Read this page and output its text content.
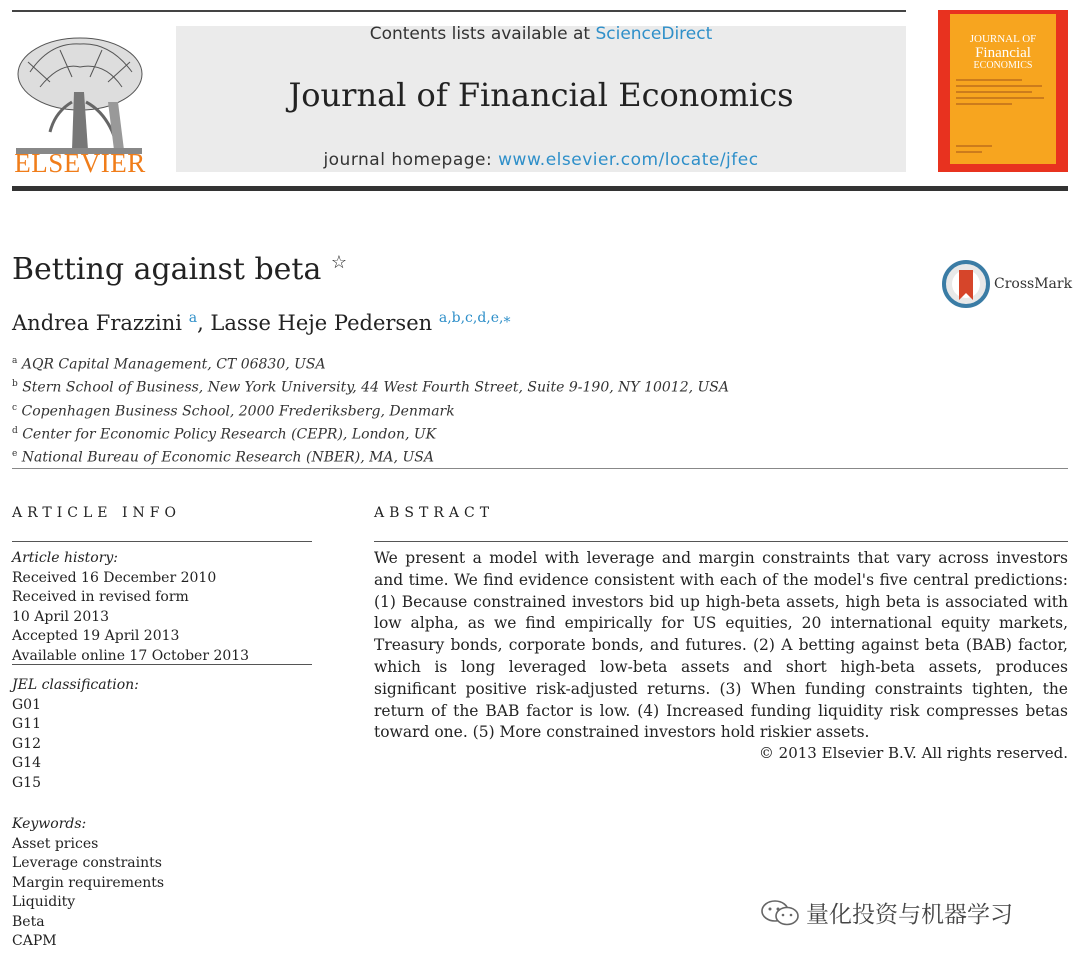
ELSEVIER
Contents lists available at ScienceDirect
Journal of Financial Economics
journal homepage: www.elsevier.com/locate/jfec
JOURNAL OF
Financial
ECONOMICS
Betting against beta ☆
CrossMark
Andrea Frazzini $^a$, Lasse Heje Pedersen $^{a,b,c,d,e,⁎}$
$^a$ AQR Capital Management, CT 06830, USA
$^b$ Stern School of Business, New York University, 44 West Fourth Street, Suite 9-190, NY 10012, USA
$^c$ Copenhagen Business School, 2000 Frederiksberg, Denmark
$^d$ Center for Economic Policy Research (CEPR), London, UK
$^e$ National Bureau of Economic Research (NBER), MA, USA
ARTICLE INFO
Article history:
Received 16 December 2010
Received in revised form
10 April 2013
Accepted 19 April 2013
Available online 17 October 2013
JEL classification:
G01
G11
G12
G14
G15
Keywords:
Asset prices
Leverage constraints
Margin requirements
Liquidity
Beta
CAPM
ABSTRACT
We present a model with leverage and margin constraints that vary across investors and time. We find evidence consistent with each of the model's five central predictions: (1) Because constrained investors bid up high-beta assets, high beta is associated with low alpha, as we find empirically for US equities, 20 international equity markets, Treasury bonds, corporate bonds, and futures. (2) A betting against beta (BAB) factor, which is long leveraged low-beta assets and short high-beta assets, produces significant positive risk-adjusted returns. (3) When funding constraints tighten, the return of the BAB factor is low. (4) Increased funding liquidity risk compresses betas toward one. (5) More constrained investors hold riskier assets.
© 2013 Elsevier B.V. All rights reserved.
量化投资与机器学习
